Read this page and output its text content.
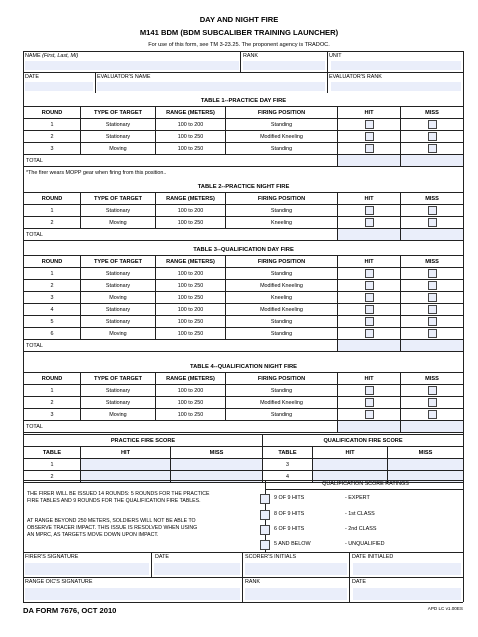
DAY AND NIGHT FIRE
M141 BDM (BDM SUBCALIBER TRAINING LAUNCHER)
For use of this form, see TM 3-23.25. The proponent agency is TRADOC.
NAME (First, Last, MI)	RANK	UNIT
DATE	EVALUATOR'S NAME	EVALUATOR'S RANK
TABLE 1--PRACTICE DAY FIRE					
ROUND	TYPE OF TARGET	RANGE (METERS)	FIRING POSITION	HIT	MISS
1	Stationary	100 to 200	Standing		
2	Stationary	100 to 250	Modified Kneeling		
3	Moving	100 to 250	Standing		
TOTAL					
*The firer wears MOPP gear when firing from this position..					
TABLE 2--PRACTICE NIGHT FIRE					
ROUND	TYPE OF TARGET	RANGE (METERS)	FIRING POSITION	HIT	MISS
1	Stationary	100 to 200	Standing		
2	Moving	100 to 250	Kneeling		
TOTAL					
TABLE 3--QUALIFICATION DAY FIRE					
ROUND	TYPE OF TARGET	RANGE (METERS)	FIRING POSITION	HIT	MISS
1	Stationary	100 to 200	Standing		
2	Stationary	100 to 250	Modified Kneeling		
3	Moving	100 to 250	Kneeling		
4	Stationary	100 to 200	Modified Kneeling		
5	Stationary	100 to 250	Standing		
6	Moving	100 to 250	Standing		
TOTAL					
TABLE 4--QUALIFICATION NIGHT FIRE					
ROUND	TYPE OF TARGET	RANGE (METERS)	FIRING POSITION	HIT	MISS
1	Stationary	100 to 200	Standing		
2	Stationary	100 to 250	Modified Kneeling		
3	Moving	100 to 250	Standing		
TOTAL					
PRACTICE FIRE SCORE			QUALIFICATION FIRE SCORE		
TABLE	HIT	MISS	TABLE	HIT	MISS
1			3		
2			4		
THE FIRER WILL BE ISSUED 14 ROUNDS: 5 ROUNDS FOR THE PRACTICE
FIRE TABLES AND 9 ROUNDS FOR THE QUALIFICATION FIRE TABLES.
AT RANGE BEYOND 250 METERS, SOLDIERS WILL NOT BE ABLE TO
OBSERVE TRACER IMPACT. THIS ISSUE IS RESOLVED WHEN USING
AN MPRC, AS TARGETS MOVE DOWN UPON IMPACT.
QUALIFICATION SCORE RATINGS
9 OF 9 HITS	- EXPERT
8 OF 9 HITS	- 1st CLASS
6 OF 9 HITS	- 2nd CLASS
5 AND BELOW	- UNQUALIFIED
FIRER'S SIGNATURE	DATE	SCORER'S INITIALS	DATE INITIALED
RANGE OIC'S SIGNATURE	RANK	DATE
DA FORM 7676, OCT 2010	APD LC v1.00ES
